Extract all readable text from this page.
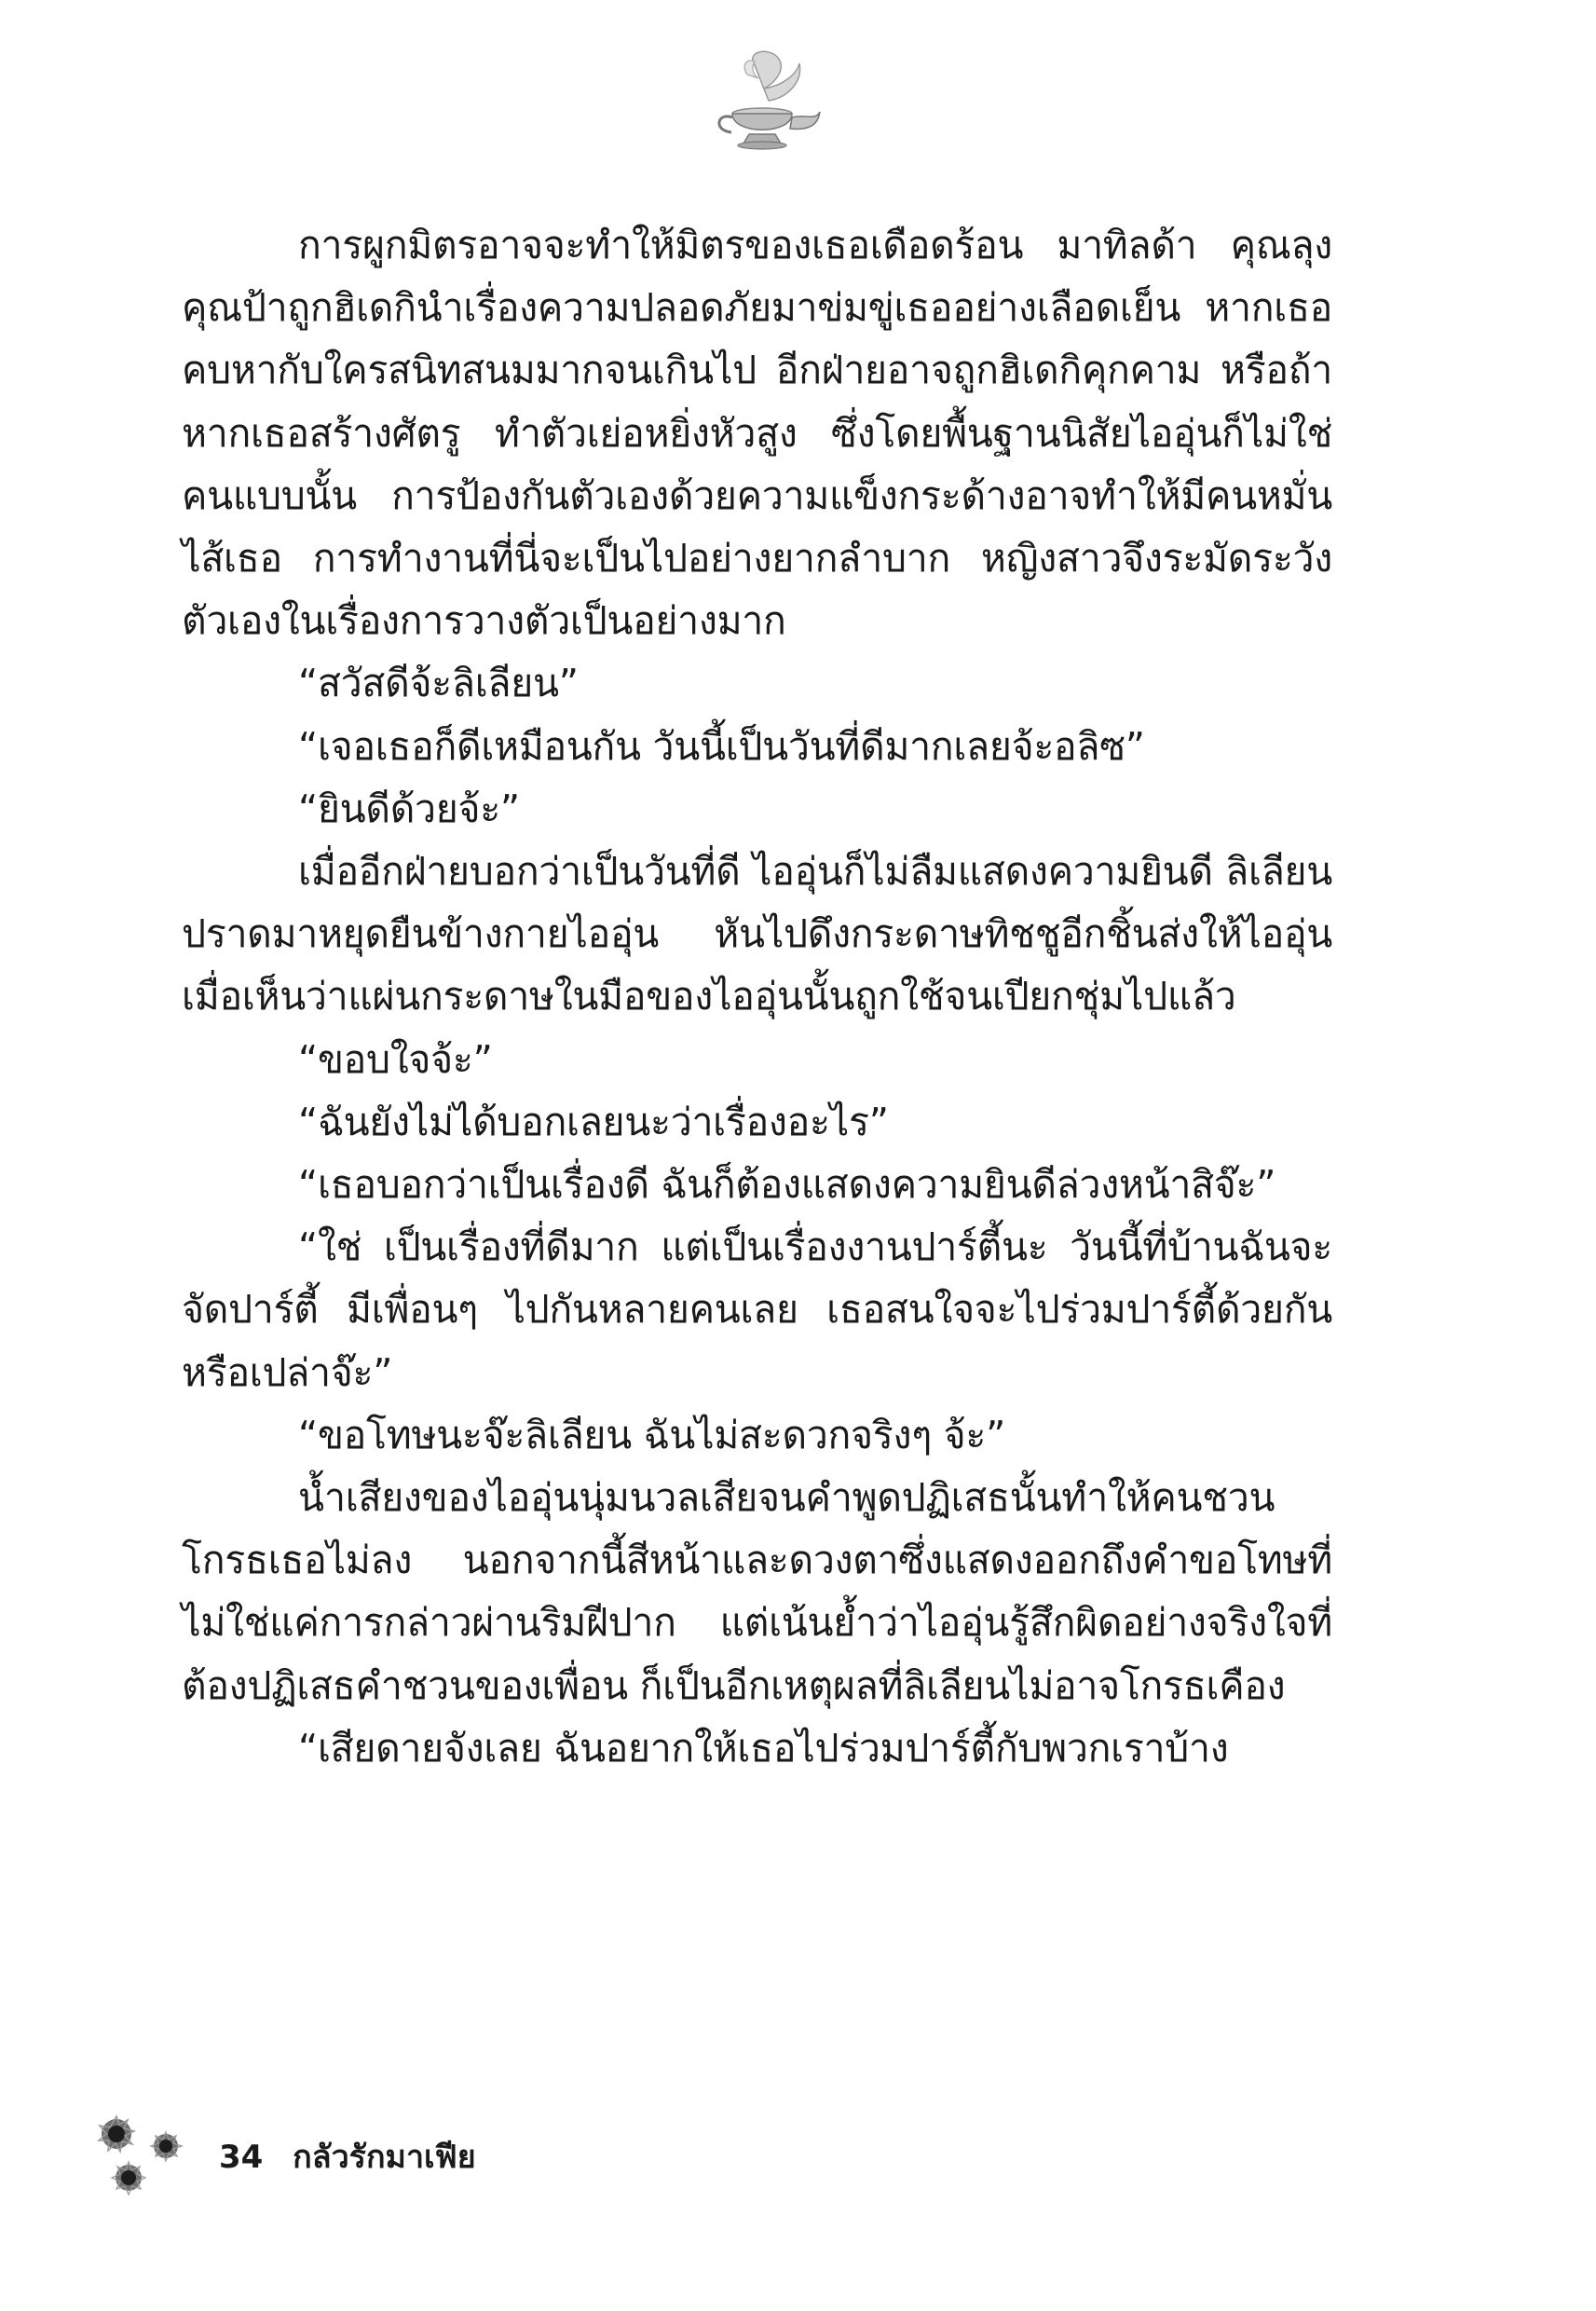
การผูกมิตรอาจจะทำให้มิตรของเธอเดือดร้อน มาทิลด้า คุณลุงคุณป้าถูกฮิเดกินำเรื่องความปลอดภัยมาข่มขู่เธออย่างเลือดเย็น หากเธอคบหากับใครสนิทสนมมากจนเกินไป อีกฝ่ายอาจถูกฮิเดกิคุกคาม หรือถ้าหากเธอสร้างศัตรู ทำตัวเย่อหยิ่งหัวสูง ซึ่งโดยพื้นฐานนิสัยไออุ่นก็ไม่ใช่คนแบบนั้น การป้องกันตัวเองด้วยความแข็งกระด้างอาจทำให้มีคนหมั่นไส้เธอ การทำงานที่นี่จะเป็นไปอย่างยากลำบาก หญิงสาวจึงระมัดระวังตัวเองในเรื่องการวางตัวเป็นอย่างมาก

“สวัสดีจ้ะลิเลียน”

“เจอเธอก็ดีเหมือนกัน วันนี้เป็นวันที่ดีมากเลยจ้ะอลิซ”

“ยินดีด้วยจ้ะ”

เมื่ออีกฝ่ายบอกว่าเป็นวันที่ดี ไออุ่นก็ไม่ลืมแสดงความยินดี ลิเลียนปราดมาหยุดยืนข้างกายไออุ่น หันไปดึงกระดาษทิชชูอีกชิ้นส่งให้ไออุ่น เมื่อเห็นว่าแผ่นกระดาษในมือของไออุ่นนั้นถูกใช้จนเปียกชุ่มไปแล้ว

“ขอบใจจ้ะ”

“ฉันยังไม่ได้บอกเลยนะว่าเรื่องอะไร”

“เธอบอกว่าเป็นเรื่องดี ฉันก็ต้องแสดงความยินดีล่วงหน้าสิจ๊ะ”

“ใช่ เป็นเรื่องที่ดีมาก แต่เป็นเรื่องงานปาร์ตี้นะ วันนี้ที่บ้านฉันจะจัดปาร์ตี้ มีเพื่อนๆ ไปกันหลายคนเลย เธอสนใจจะไปร่วมปาร์ตี้ด้วยกันหรือเปล่าจ๊ะ”

“ขอโทษนะจ๊ะลิเลียน ฉันไม่สะดวกจริงๆ จ้ะ”

น้ำเสียงของไออุ่นนุ่มนวลเสียจนคำพูดปฏิเสธนั้นทำให้คนชวนโกรธเธอไม่ลง นอกจากนี้สีหน้าและดวงตาซึ่งแสดงออกถึงคำขอโทษที่ไม่ใช่แค่การกล่าวผ่านริมฝีปาก แต่เน้นย้ำว่าไออุ่นรู้สึกผิดอย่างจริงใจที่ต้องปฏิเสธคำชวนของเพื่อน ก็เป็นอีกเหตุผลที่ลิเลียนไม่อาจโกรธเคือง

“เสียดายจังเลย ฉันอยากให้เธอไปร่วมปาร์ตี้กับพวกเราบ้าง

34 กลัวรักมาเฟีย
